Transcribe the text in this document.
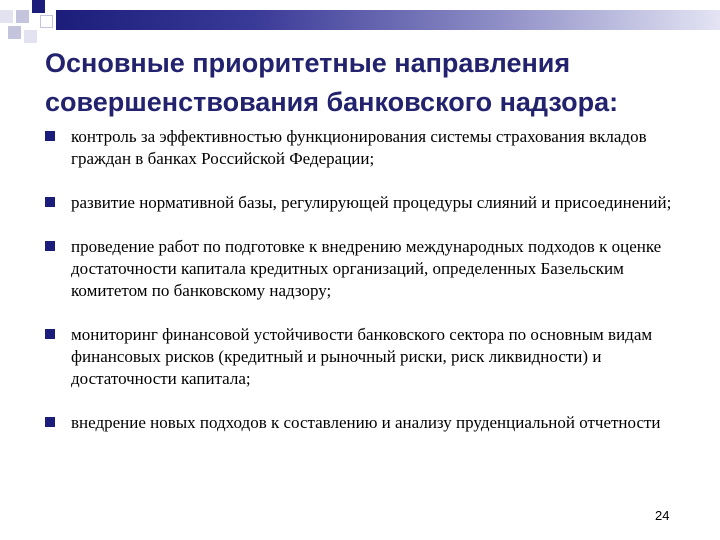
Основные приоритетные направления совершенствования банковского надзора:
контроль за эффективностью функционирования системы страхования вкладов граждан в банках Российской Федерации;
развитие нормативной базы, регулирующей процедуры слияний и присоединений;
проведение работ по подготовке к внедрению международных подходов к оценке достаточности капитала кредитных организаций, определенных Базельским комитетом по банковскому надзору;
мониторинг финансовой устойчивости банковского сектора по основным видам финансовых рисков (кредитный и рыночный риски, риск ликвидности) и достаточности капитала;
внедрение новых подходов к составлению и анализу пруденциальной отчетности
24
